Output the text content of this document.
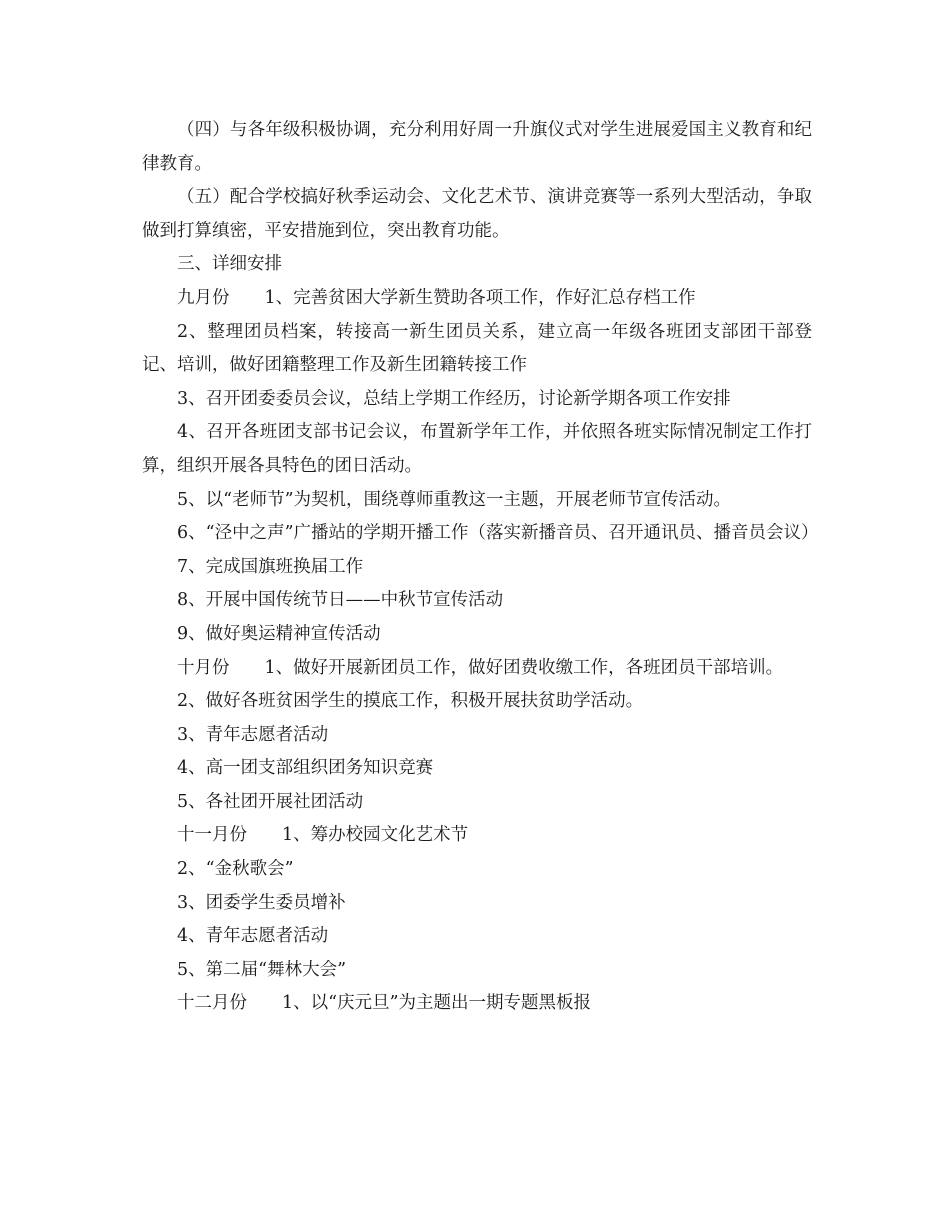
（四）与各年级积极协调，充分利用好周一升旗仪式对学生进展爱国主义教育和纪律教育。

（五）配合学校搞好秋季运动会、文化艺术节、演讲竞赛等一系列大型活动，争取做到打算缜密，平安措施到位，突出教育功能。

三、详细安排

九月份　　1、完善贫困大学新生赞助各项工作，作好汇总存档工作

2、整理团员档案，转接高一新生团员关系，建立高一年级各班团支部团干部登记、培训，做好团籍整理工作及新生团籍转接工作

3、召开团委委员会议，总结上学期工作经历，讨论新学期各项工作安排

4、召开各班团支部书记会议，布置新学年工作，并依照各班实际情况制定工作打算，组织开展各具特色的团日活动。

5、以“老师节”为契机，围绕尊师重教这一主题，开展老师节宣传活动。

6、“泾中之声”广播站的学期开播工作（落实新播音员、召开通讯员、播音员会议）

7、完成国旗班换届工作

8、开展中国传统节日——中秋节宣传活动

9、做好奥运精神宣传活动

十月份　　1、做好开展新团员工作，做好团费收缴工作，各班团员干部培训。

2、做好各班贫困学生的摸底工作，积极开展扶贫助学活动。

3、青年志愿者活动

4、高一团支部组织团务知识竞赛

5、各社团开展社团活动

十一月份　　1、筹办校园文化艺术节

2、“金秋歌会”

3、团委学生委员增补

4、青年志愿者活动

5、第二届“舞林大会”

十二月份　　1、以“庆元旦”为主题出一期专题黑板报
